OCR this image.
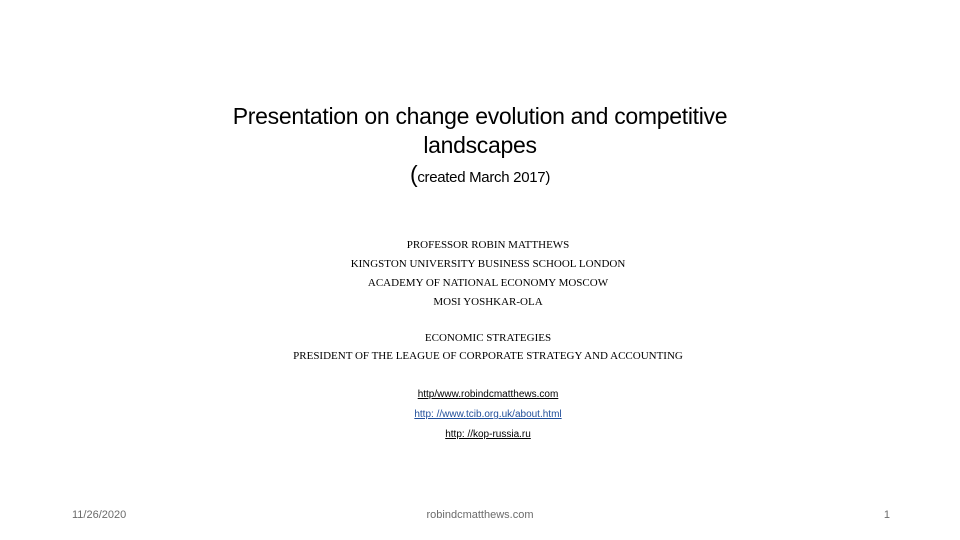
Presentation on change evolution and competitive
landscapes
(created March 2017)
PROFESSOR ROBIN MATTHEWS
KINGSTON UNIVERSITY BUSINESS SCHOOL LONDON
ACADEMY OF NATIONAL ECONOMY MOSCOW
MOSI YOSHKAR-OLA
ECONOMIC STRATEGIES
PRESIDENT OF THE LEAGUE OF CORPORATE STRATEGY AND ACCOUNTING
http/www.robindcmatthews.com
http: //www.tcib.org.uk/about.html
http: //kop-russia.ru
11/26/2020	robindcmatthews.com	1
